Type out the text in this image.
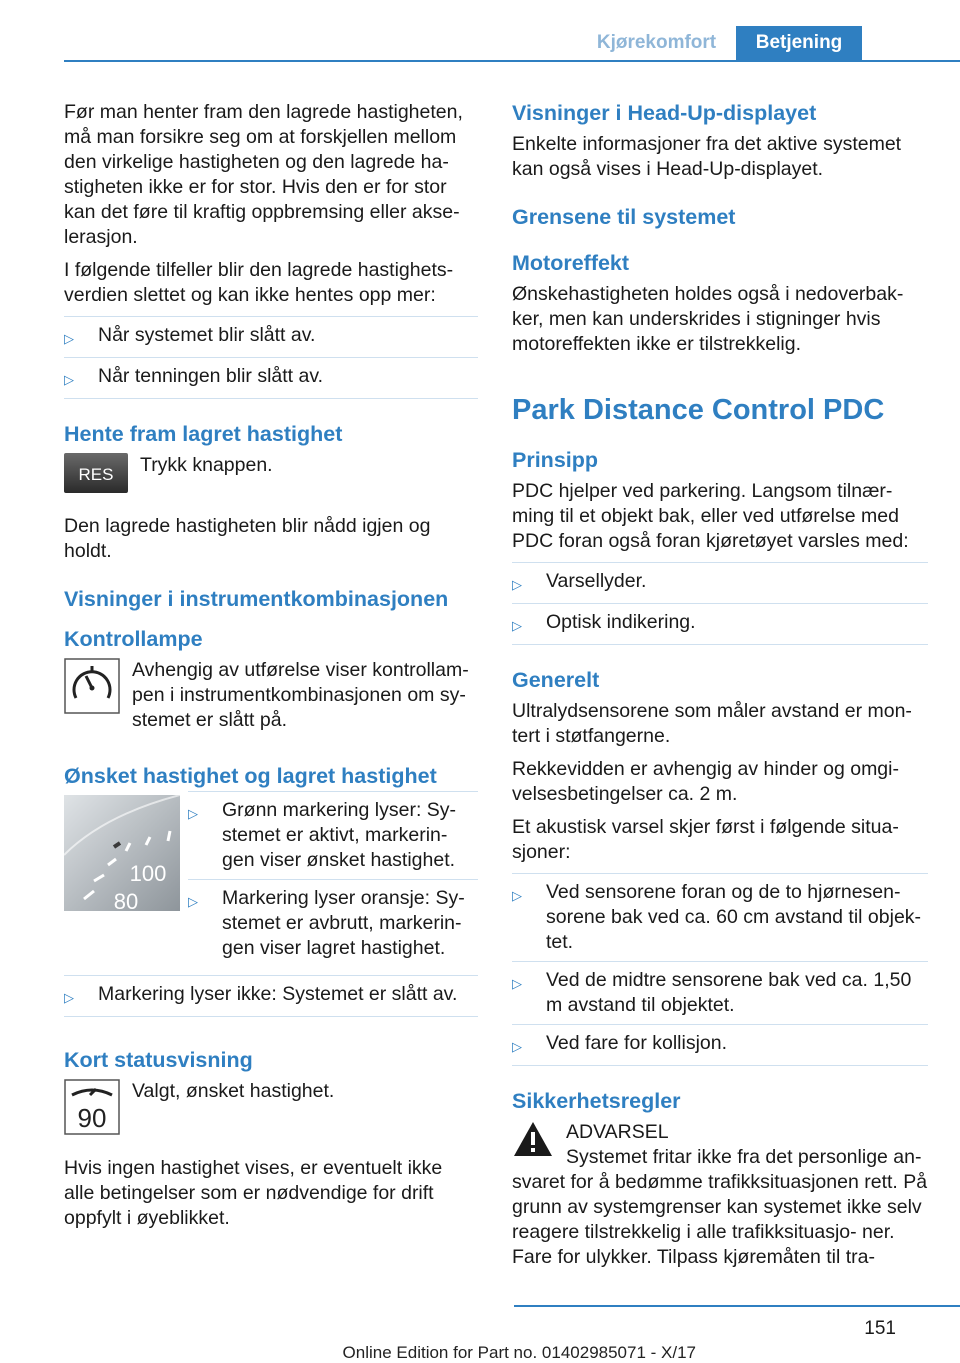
Kjørekomfort	Betjening

Før man henter fram den lagrede hastigheten, må man forsikre seg om at forskjellen mellom den virkelige hastigheten og den lagrede ha‐ stigheten ikke er for stor. Hvis den er for stor kan det føre til kraftig oppbremsing eller akse‐ lerasjon.

I følgende tilfeller blir den lagrede hastighets‐ verdien slettet og kan ikke hentes opp mer:

▷	Når systemet blir slått av.
▷	Når tenningen blir slått av.
Hente fram lagret hastighet
RES Trykk knappen.

Den lagrede hastigheten blir nådd igjen og holdt.

Visninger i instrumentkombinasjonen
Kontrollampe
Avhengig av utførelse viser kontrollam‐ pen i instrumentkombinasjonen om sy‐ stemet er slått på.
Ønsket hastighet og lagret hastighet
100
80
▷	Grønn markering lyser: Sy‐ stemet er aktivt, markerin‐ gen viser ønsket hastighet.
▷	Markering lyser oransje: Sy‐ stemet er avbrutt, markerin‐ gen viser lagret hastighet.
▷	Markering lyser ikke: Systemet er slått av.
Kort statusvisning
90
Valgt, ønsket hastighet.

Hvis ingen hastighet vises, er eventuelt ikke alle betingelser som er nødvendige for drift oppfylt i øyeblikket.

Visninger i Head-Up-displayet

Enkelte informasjoner fra det aktive systemet kan også vises i Head-Up-displayet.

Grensene til systemet
Motoreffekt

Ønskehastigheten holdes også i nedoverbak‐ ker, men kan underskrides i stigninger hvis motoreffekten ikke er tilstrekkelig.

Park Distance Control PDC
Prinsipp

PDC hjelper ved parkering. Langsom tilnær‐ ming til et objekt bak, eller ved utførelse med PDC foran også foran kjøretøyet varsles med:

▷	Varsellyder.
▷	Optisk indikering.
Generelt

Ultralydsensorene som måler avstand er mon‐ tert i støtfangerne.

Rekkevidden er avhengig av hinder og omgi‐ velsesbetingelser ca. 2 m.

Et akustisk varsel skjer først i følgende situa‐ sjoner:

▷	Ved sensorene foran og de to hjørnesen‐ sorene bak ved ca. 60 cm avstand til objek‐ tet.
▷	Ved de midtre sensorene bak ved ca. 1,50 m avstand til objektet.
▷	Ved fare for kollisjon.
Sikkerhetsregler
ADVARSEL
Systemet fritar ikke fra det personlige an‐

svaret for å bedømme trafikksituasjonen rett. På grunn av systemgrenser kan systemet ikke selv reagere tilstrekkelig i alle trafikksituasjo‐ ner. Fare for ulykker. Tilpass kjøremåten til tra‐

151
Online Edition for Part no. 01402985071 - X/17
